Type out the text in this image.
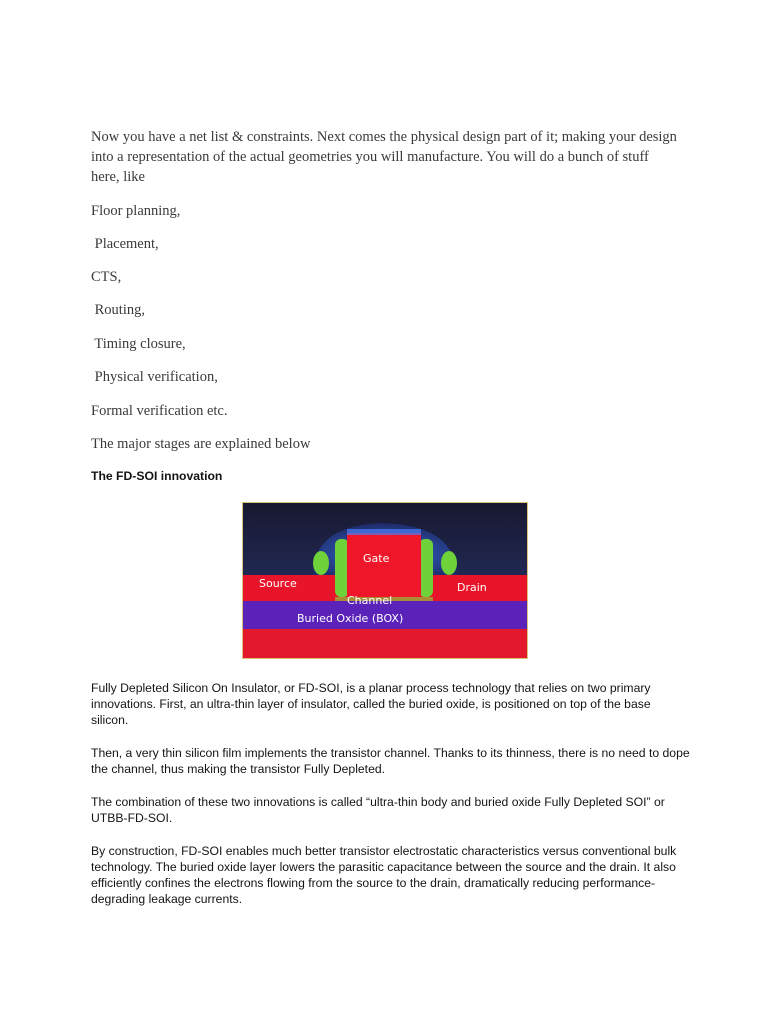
Now you have a net list & constraints. Next comes the physical design part of it; making your design into a representation of the actual geometries you will manufacture. You will do a bunch of stuff here, like

Floor planning,

Placement,

CTS,

Routing,

Timing closure,

Physical verification,

Formal verification etc.

The major stages are explained below

The FD-SOI innovation

Gate
Source	Drain
Channel
Buried Oxide (BOX)

Fully Depleted Silicon On Insulator, or FD-SOI, is a planar process technology that relies on two primary innovations. First, an ultra-thin layer of insulator, called the buried oxide, is positioned on top of the base silicon.

Then, a very thin silicon film implements the transistor channel. Thanks to its thinness, there is no need to dope the channel, thus making the transistor Fully Depleted.

The combination of these two innovations is called “ultra-thin body and buried oxide Fully Depleted SOI” or UTBB-FD-SOI.

By construction, FD-SOI enables much better transistor electrostatic characteristics versus conventional bulk technology. The buried oxide layer lowers the parasitic capacitance between the source and the drain. It also efficiently confines the electrons flowing from the source to the drain, dramatically reducing performance-degrading leakage currents.
